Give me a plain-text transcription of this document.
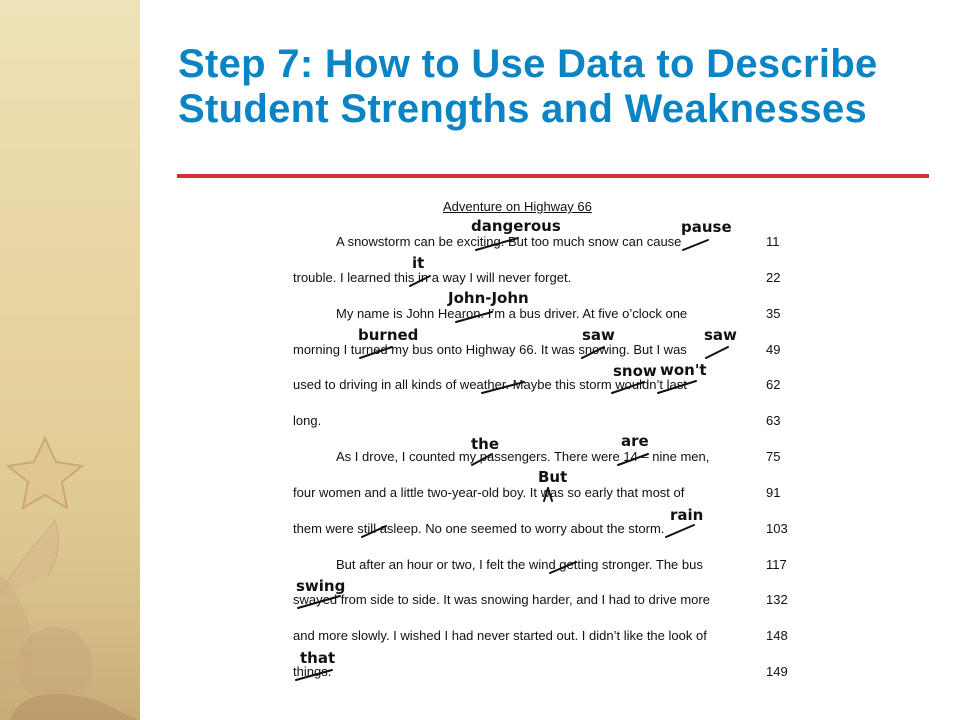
Step 7: How to Use Data to Describe Student Strengths and Weaknesses
Adventure on Highway 66
A snowstorm can be exciting. But too much snow can cause	11
trouble. I learned this in a way I will never forget.	22
My name is John Hearon. I’m a bus driver. At five o’clock one	35
morning I turned my bus onto Highway 66. It was snowing. But I was	49
used to driving in all kinds of weather. Maybe this storm wouldn’t last	62
long.	63
As I drove, I counted my passengers. There were 14 – nine men,	75
four women and a little two-year-old boy. It was so early that most of	91
them were still asleep. No one seemed to worry about the storm.	103
But after an hour or two, I felt the wind getting stronger. The bus	117
swayed from side to side. It was snowing harder, and I had to drive more	132
and more slowly. I wished I had never started out. I didn’t like the look of	148
things.	149
dangerous	pause
it
John-John
burned	saw	saw
snow won't
the	are
But
rain
swing
that
